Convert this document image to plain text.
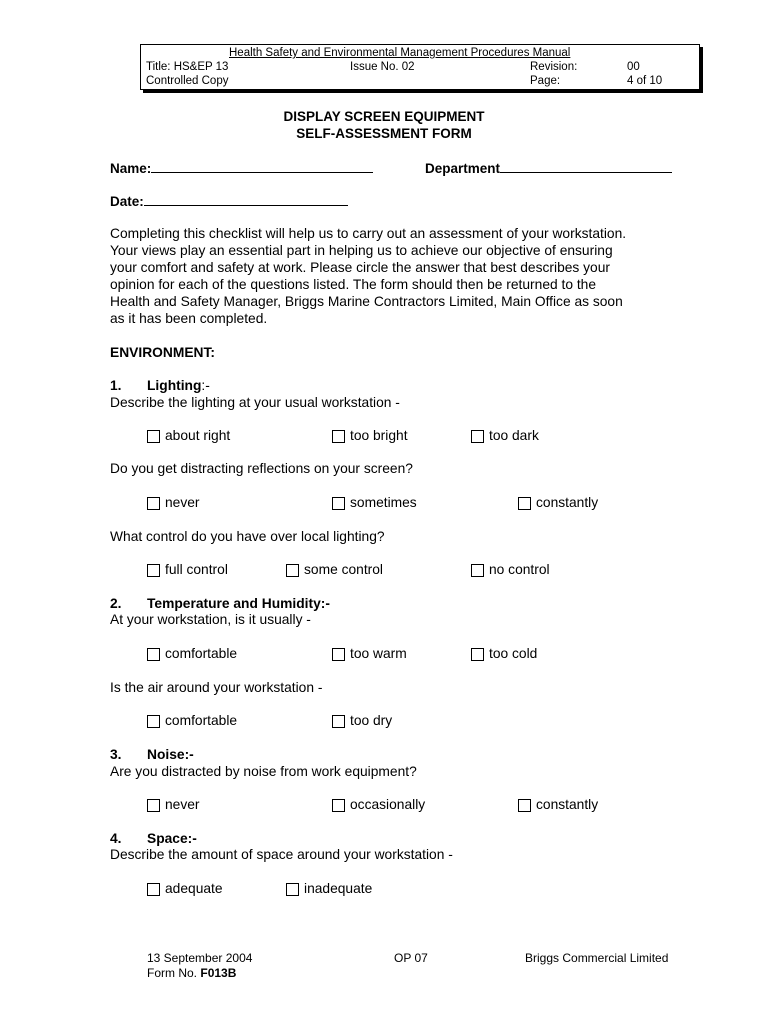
Health Safety and Environmental Management Procedures Manual
Title: HS&EP 13	Issue No. 02	Revision:	00
Controlled Copy	Page:	4 of 10
DISPLAY SCREEN EQUIPMENT
SELF-ASSESSMENT FORM
Name:	Department
Date:

Completing this checklist will help us to carry out an assessment of your workstation.

Your views play an essential part in helping us to achieve our objective of ensuring

your comfort and safety at work. Please circle the answer that best describes your

opinion for each of the questions listed. The form should then be returned to the

Health and Safety Manager, Briggs Marine Contractors Limited, Main Office as soon

as it has been completed.

ENVIRONMENT:
1. Lighting:-
Describe the lighting at your usual workstation -
about right	too bright	too dark
Do you get distracting reflections on your screen?
never	sometimes	constantly
What control do you have over local lighting?
full control	some control	no control
2. Temperature and Humidity:-
At your workstation, is it usually -
comfortable	too warm	too cold
Is the air around your workstation -
comfortable	too dry
3. Noise:-
Are you distracted by noise from work equipment?
never	occasionally	constantly
4. Space:-
Describe the amount of space around your workstation -
adequate	inadequate
13 September 2004	OP 07	Briggs Commercial Limited
Form No. F013B
